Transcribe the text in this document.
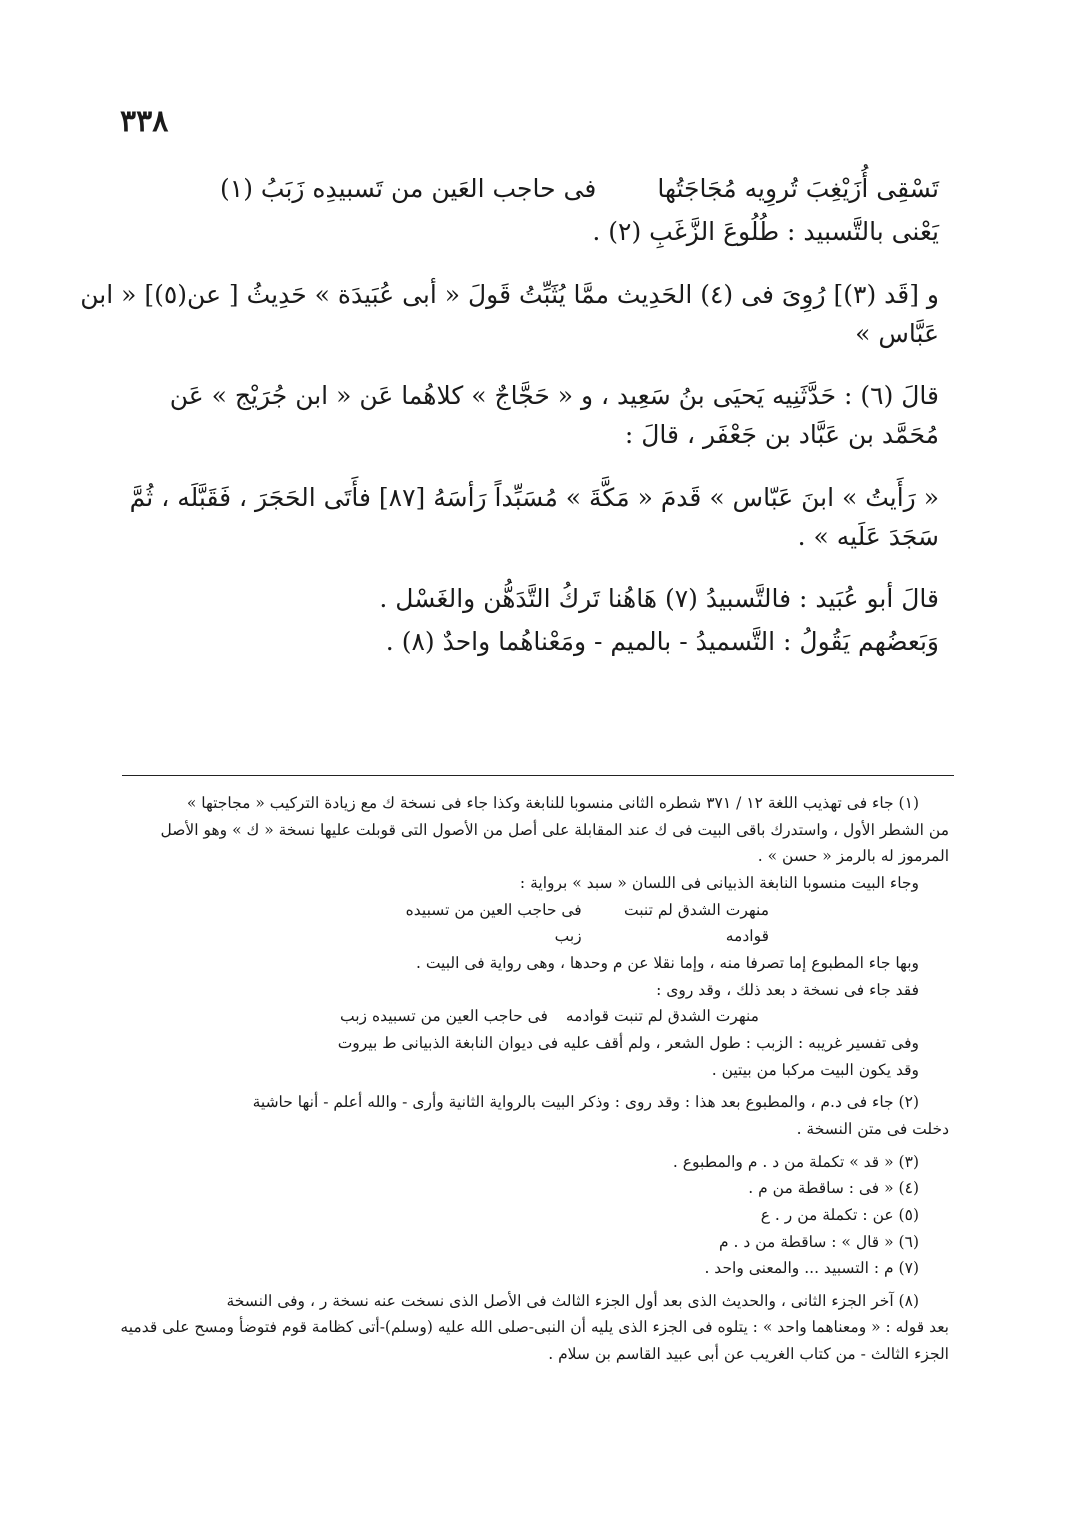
٣٣٨
تَسْقِى أُزَيْغِبَ تُروِيه مُجَاجَتُها
فى حاجب العَين من تَسبيدِه زَبَبُ (١)

يَعْنى بالتَّسبيد : طُلُوعَ الزَّغَبِ (٢) .

و [قَد (٣)] رُوِىَ فى (٤) الحَدِيث ممَّا يُثَبِّتُ قَولَ « أبى عُبَيدَة » حَدِيثُ [ عن(٥)] « ابن

عَبَّاس »

قالَ (٦) : حَدَّثَنِيه يَحيَى بنُ سَعِيد ، و « حَجَّاجٌ » كلاهُما عَن « ابن جُرَيْج » عَن

مُحَمَّد بن عَبَّاد بن جَعْفَر ، قالَ :

« رَأَيتُ » ابنَ عَبّاس » قَدمَ « مَكَّةَ » مُسَبِّداً رَأسَهُ [٨٧] فأَتَى الحَجَرَ ، فَقَبَّلَه ، ثُمَّ

سَجَدَ عَلَيه » .

قالَ أبو عُبَيد : فالتَّسبيدُ (٧) هَاهُنا تَركُ التَّدَهُّن والغَسْل .

وَبَعضُهم يَقُولُ : التَّسميدُ - بالميم - ومَعْناهُما واحدٌ (٨) .

(١) جاء فى تهذيب اللغة ١٢ / ٣٧١ شطره الثانى منسوبا للنابغة وكذا جاء فى نسخة ك مع زيادة التركيب « مجاجتها »

من الشطر الأول ، واستدرك باقى البيت فى ك عند المقابلة على أصل من الأصول التى قوبلت عليها نسخة « ك » وهو الأصل

المرموز له بالرمز « حسن » .

وجاء البيت منسوبا النابغة الذبيانى فى اللسان « سبد » برواية :

منهرت الشدق لم تنبت قوادمه
فى حاجب العين من تسبيده زبب

وبها جاء المطبوع إما تصرفا منه ، وإما نقلا عن م وحدها ، وهى رواية فى البيت .

فقد جاء فى نسخة د بعد ذلك ، وقد روى :

منهرت الشدق لم تنبت قوادمه
فى حاجب العين من تسبيده زبب

وفى تفسير غريبه : الزبب : طول الشعر ، ولم أقف عليه فى ديوان النابغة الذبيانى ط بيروت

وقد يكون البيت مركبا من بيتين .

(٢) جاء فى د.م ، والمطبوع بعد هذا : وقد روى : وذكر البيت بالرواية الثانية وأرى - والله أعلم - أنها حاشية

دخلت فى متن النسخة .

(٣) « قد » تكملة من د . م والمطبوع .

(٤) « فى : ساقطة من م .

(٥) عن : تكملة من ر . ع

(٦) « قال » : ساقطة من د . م

(٧) م : التسبيد ... والمعنى واحد .

(٨) آخر الجزء الثانى ، والحديث الذى بعد أول الجزء الثالث فى الأصل الذى نسخت عنه نسخة ر ، وفى النسخة

بعد قوله : « ومعناهما واحد » : يتلوه فى الجزء الذى يليه أن النبى-صلى الله عليه (وسلم)-أتى كظامة قوم فتوضأ ومسح على قدميه

الجزء الثالث - من كتاب الغريب عن أبى عبيد القاسم بن سلام .
